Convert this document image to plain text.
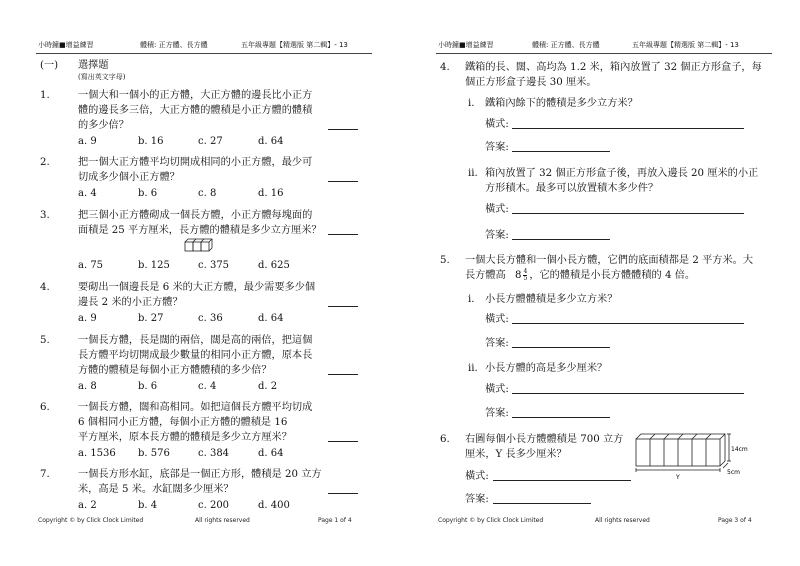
小時鐘■增益練習	體積: 正方體、長方體	五年級專題【精選版 第二輯】- 13
(一) 選擇題
(寫出英文字母)
1.	一個大和一個小的正方體，大正方體的邊長比小正方
體的邊長多三倍，大正方體的體積是小正方體的體積
的多少倍？
a. 9	b. 16	c. 27	d. 64
2.	把一個大正方體平均切開成相同的小正方體，最少可
切成多少個小正方體？
a. 4	b. 6	c. 8	d. 16
3.	把三個小正方體砌成一個長方體，小正方體每塊面的
面積是 25 平方厘米，長方體的體積是多少立方厘米？
a. 75	b. 125	c. 375	d. 625
4.	要砌出一個邊長是 6 米的大正方體，最少需要多少個
邊長 2 米的小正方體？
a. 9	b. 27	c. 36	d. 64
5.	一個長方體，長是闊的兩倍，闊是高的兩倍，把這個
長方體平均切開成最少數量的相同小正方體，原本長
方體的體積是每個小正方體體積的多少倍？
a. 8	b. 6	c. 4	d. 2
6.	一個長方體，闊和高相同。如把這個長方體平均切成
6 個相同小正方體，每個小正方體的體積是 16
平方厘米，原本長方體的體積是多少立方厘米？
a. 1536 b. 576	c. 384	d. 64
7.	一個長方形水缸，底部是一個正方形，體積是 20 立方
米，高是 5 米。水缸闊多少厘米？
a. 2	b. 4	c. 200	d. 400
Copyright © by Click Clock Limited	All rights reserved	Page 1 of 4
小時鐘■增益練習	體積: 正方體、長方體	五年級專題【精選版 第二輯】- 13
4. 鐵箱的長、闊、高均為 1.2 米，箱內放置了 32 個正方形盒子，每
個正方形盒子邊長 30 厘米。
i. 鐵箱內餘下的體積是多少立方米？
橫式:
答案:
ii. 箱內放置了 32 個正方形盒子後，再放入邊長 20 厘米的小正
方形積木。最多可以放置積木多少件？
橫式:
答案:
5. 一個大長方體和一個小長方體，它們的底面積都是 2 平方米。大
長方體高 $8 \frac{4}{5}$ ，它的體積是小長方體體積的 4 倍。
i. 小長方體體積是多少立方米？
橫式:
答案:
ii. 小長方體的高是多少厘米？
橫式:
答案:
6. 右圖每個小長方體體積是 700 立方
厘米，Y 長多少厘米？
橫式:
答案:
14cm
5cm
Y
Copyright © by Click Clock Limited	All rights reserved	Page 3 of 4
